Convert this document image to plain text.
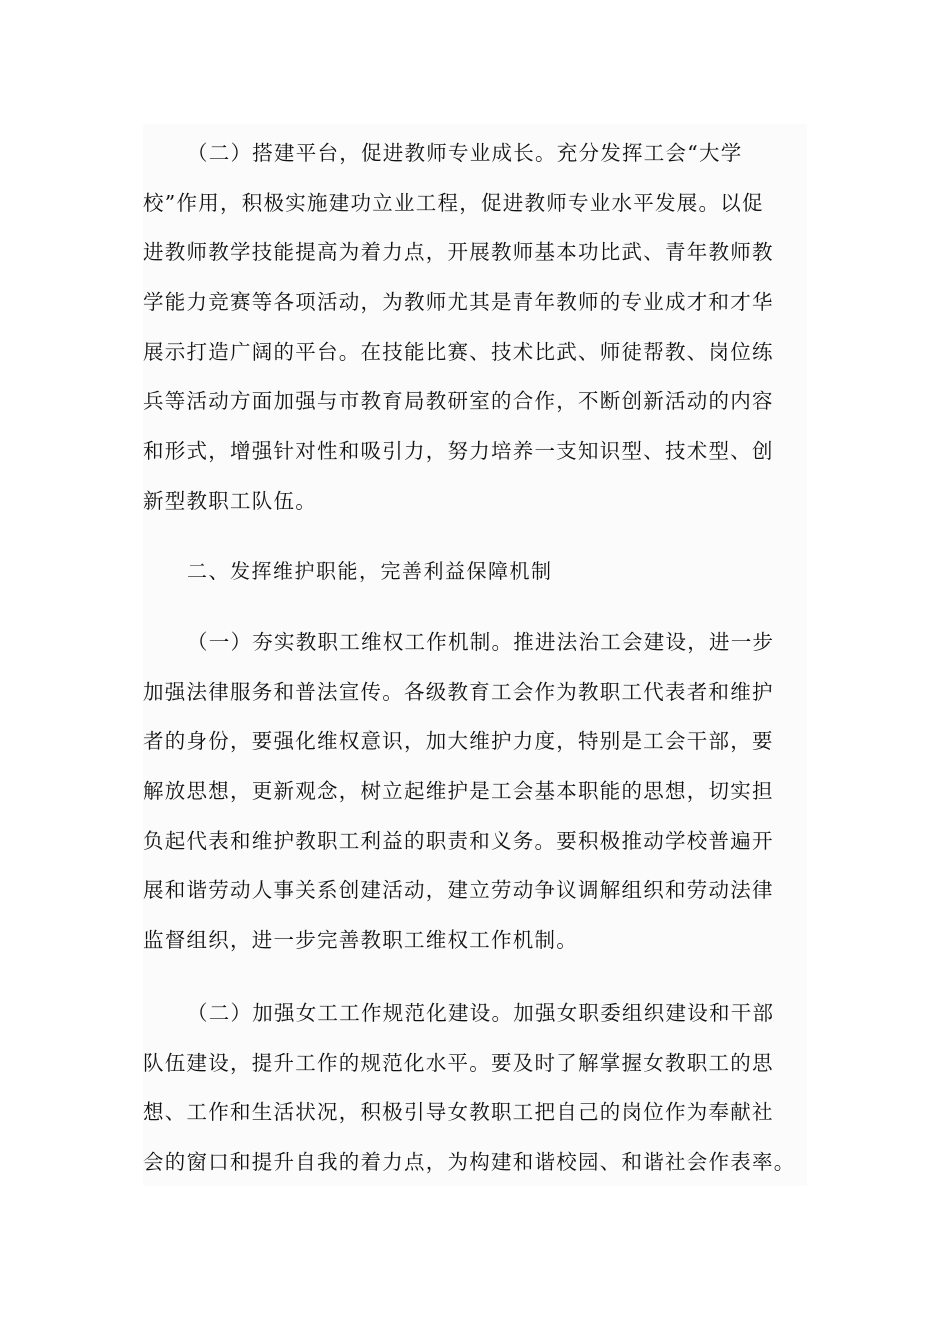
（二）搭建平台，促进教师专业成长。充分发挥工会“大学
校”作用，积极实施建功立业工程，促进教师专业水平发展。以促
进教师教学技能提高为着力点，开展教师基本功比武、青年教师教
学能力竞赛等各项活动，为教师尤其是青年教师的专业成才和才华
展示打造广阔的平台。在技能比赛、技术比武、师徒帮教、岗位练
兵等活动方面加强与市教育局教研室的合作，不断创新活动的内容
和形式，增强针对性和吸引力，努力培养一支知识型、技术型、创
新型教职工队伍。

二、发挥维护职能，完善利益保障机制

（一）夯实教职工维权工作机制。推进法治工会建设，进一步
加强法律服务和普法宣传。各级教育工会作为教职工代表者和维护
者的身份，要强化维权意识，加大维护力度，特别是工会干部，要
解放思想，更新观念，树立起维护是工会基本职能的思想，切实担
负起代表和维护教职工利益的职责和义务。要积极推动学校普遍开
展和谐劳动人事关系创建活动，建立劳动争议调解组织和劳动法律
监督组织，进一步完善教职工维权工作机制。

（二）加强女工工作规范化建设。加强女职委组织建设和干部
队伍建设，提升工作的规范化水平。要及时了解掌握女教职工的思
想、工作和生活状况，积极引导女教职工把自己的岗位作为奉献社
会的窗口和提升自我的着力点，为构建和谐校园、和谐社会作表率。
